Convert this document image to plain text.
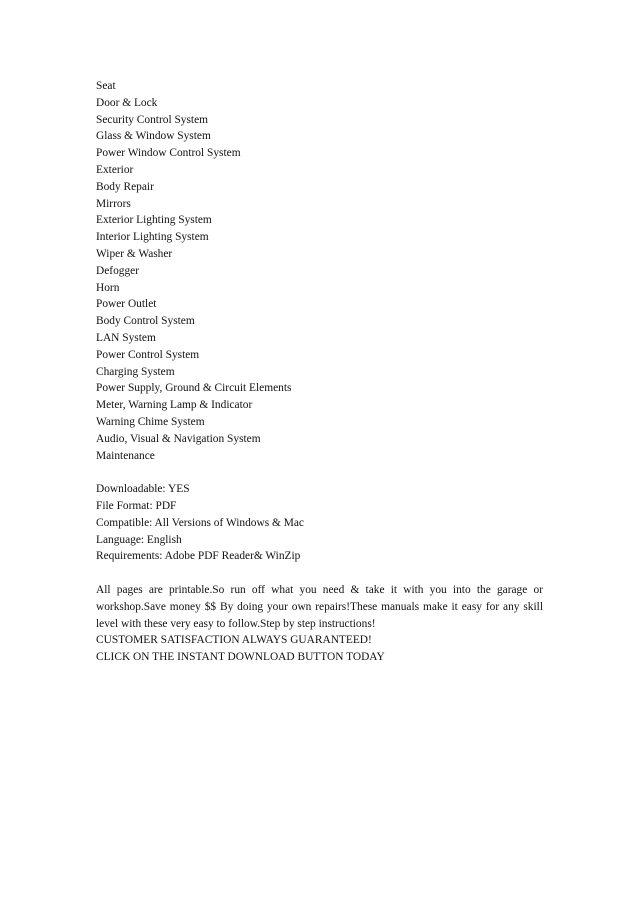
Seat
Door & Lock
Security Control System
Glass & Window System
Power Window Control System
Exterior
Body Repair
Mirrors
Exterior Lighting System
Interior Lighting System
Wiper & Washer
Defogger
Horn
Power Outlet
Body Control System
LAN System
Power Control System
Charging System
Power Supply, Ground & Circuit Elements
Meter, Warning Lamp & Indicator
Warning Chime System
Audio, Visual & Navigation System
Maintenance
Downloadable: YES
File Format: PDF
Compatible: All Versions of Windows & Mac
Language: English
Requirements: Adobe PDF Reader& WinZip
All pages are printable.So run off what you need & take it with you into the garage or
workshop.Save money $$ By doing your own repairs!These manuals make it easy for any skill
level with these very easy to follow.Step by step instructions!
CUSTOMER SATISFACTION ALWAYS GUARANTEED!
CLICK ON THE INSTANT DOWNLOAD BUTTON TODAY
